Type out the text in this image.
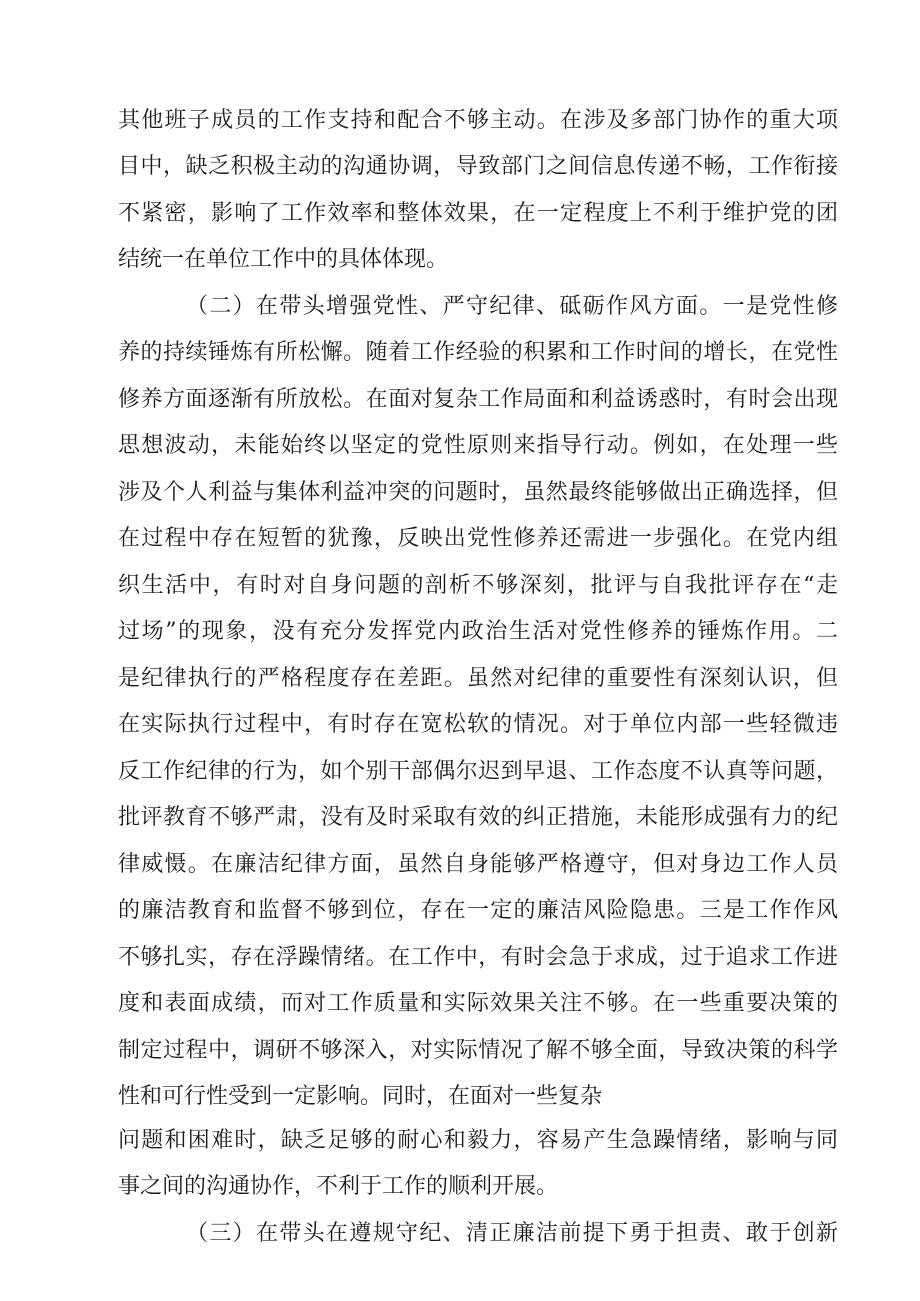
其他班子成员的工作支持和配合不够主动。在涉及多部门协作的重大项
目中，缺乏积极主动的沟通协调，导致部门之间信息传递不畅，工作衔接
不紧密，影响了工作效率和整体效果，在一定程度上不利于维护党的团
结统一在单位工作中的具体体现。
（二）在带头增强党性、严守纪律、砥砺作风方面。一是党性修
养的持续锤炼有所松懈。随着工作经验的积累和工作时间的增长，在党性
修养方面逐渐有所放松。在面对复杂工作局面和利益诱惑时，有时会出现
思想波动，未能始终以坚定的党性原则来指导行动。例如，在处理一些
涉及个人利益与集体利益冲突的问题时，虽然最终能够做出正确选择，但
在过程中存在短暂的犹豫，反映出党性修养还需进一步强化。在党内组
织生活中，有时对自身问题的剖析不够深刻，批评与自我批评存在“走
过场”的现象，没有充分发挥党内政治生活对党性修养的锤炼作用。二
是纪律执行的严格程度存在差距。虽然对纪律的重要性有深刻认识，但
在实际执行过程中，有时存在宽松软的情况。对于单位内部一些轻微违
反工作纪律的行为，如个别干部偶尔迟到早退、工作态度不认真等问题，
批评教育不够严肃，没有及时采取有效的纠正措施，未能形成强有力的纪
律威慑。在廉洁纪律方面，虽然自身能够严格遵守，但对身边工作人员
的廉洁教育和监督不够到位，存在一定的廉洁风险隐患。三是工作作风
不够扎实，存在浮躁情绪。在工作中，有时会急于求成，过于追求工作进
度和表面成绩，而对工作质量和实际效果关注不够。在一些重要决策的
制定过程中，调研不够深入，对实际情况了解不够全面，导致决策的科学
性和可行性受到一定影响。同时，在面对一些复杂
问题和困难时，缺乏足够的耐心和毅力，容易产生急躁情绪，影响与同
事之间的沟通协作，不利于工作的顺利开展。
（三）在带头在遵规守纪、清正廉洁前提下勇于担责、敢于创新
